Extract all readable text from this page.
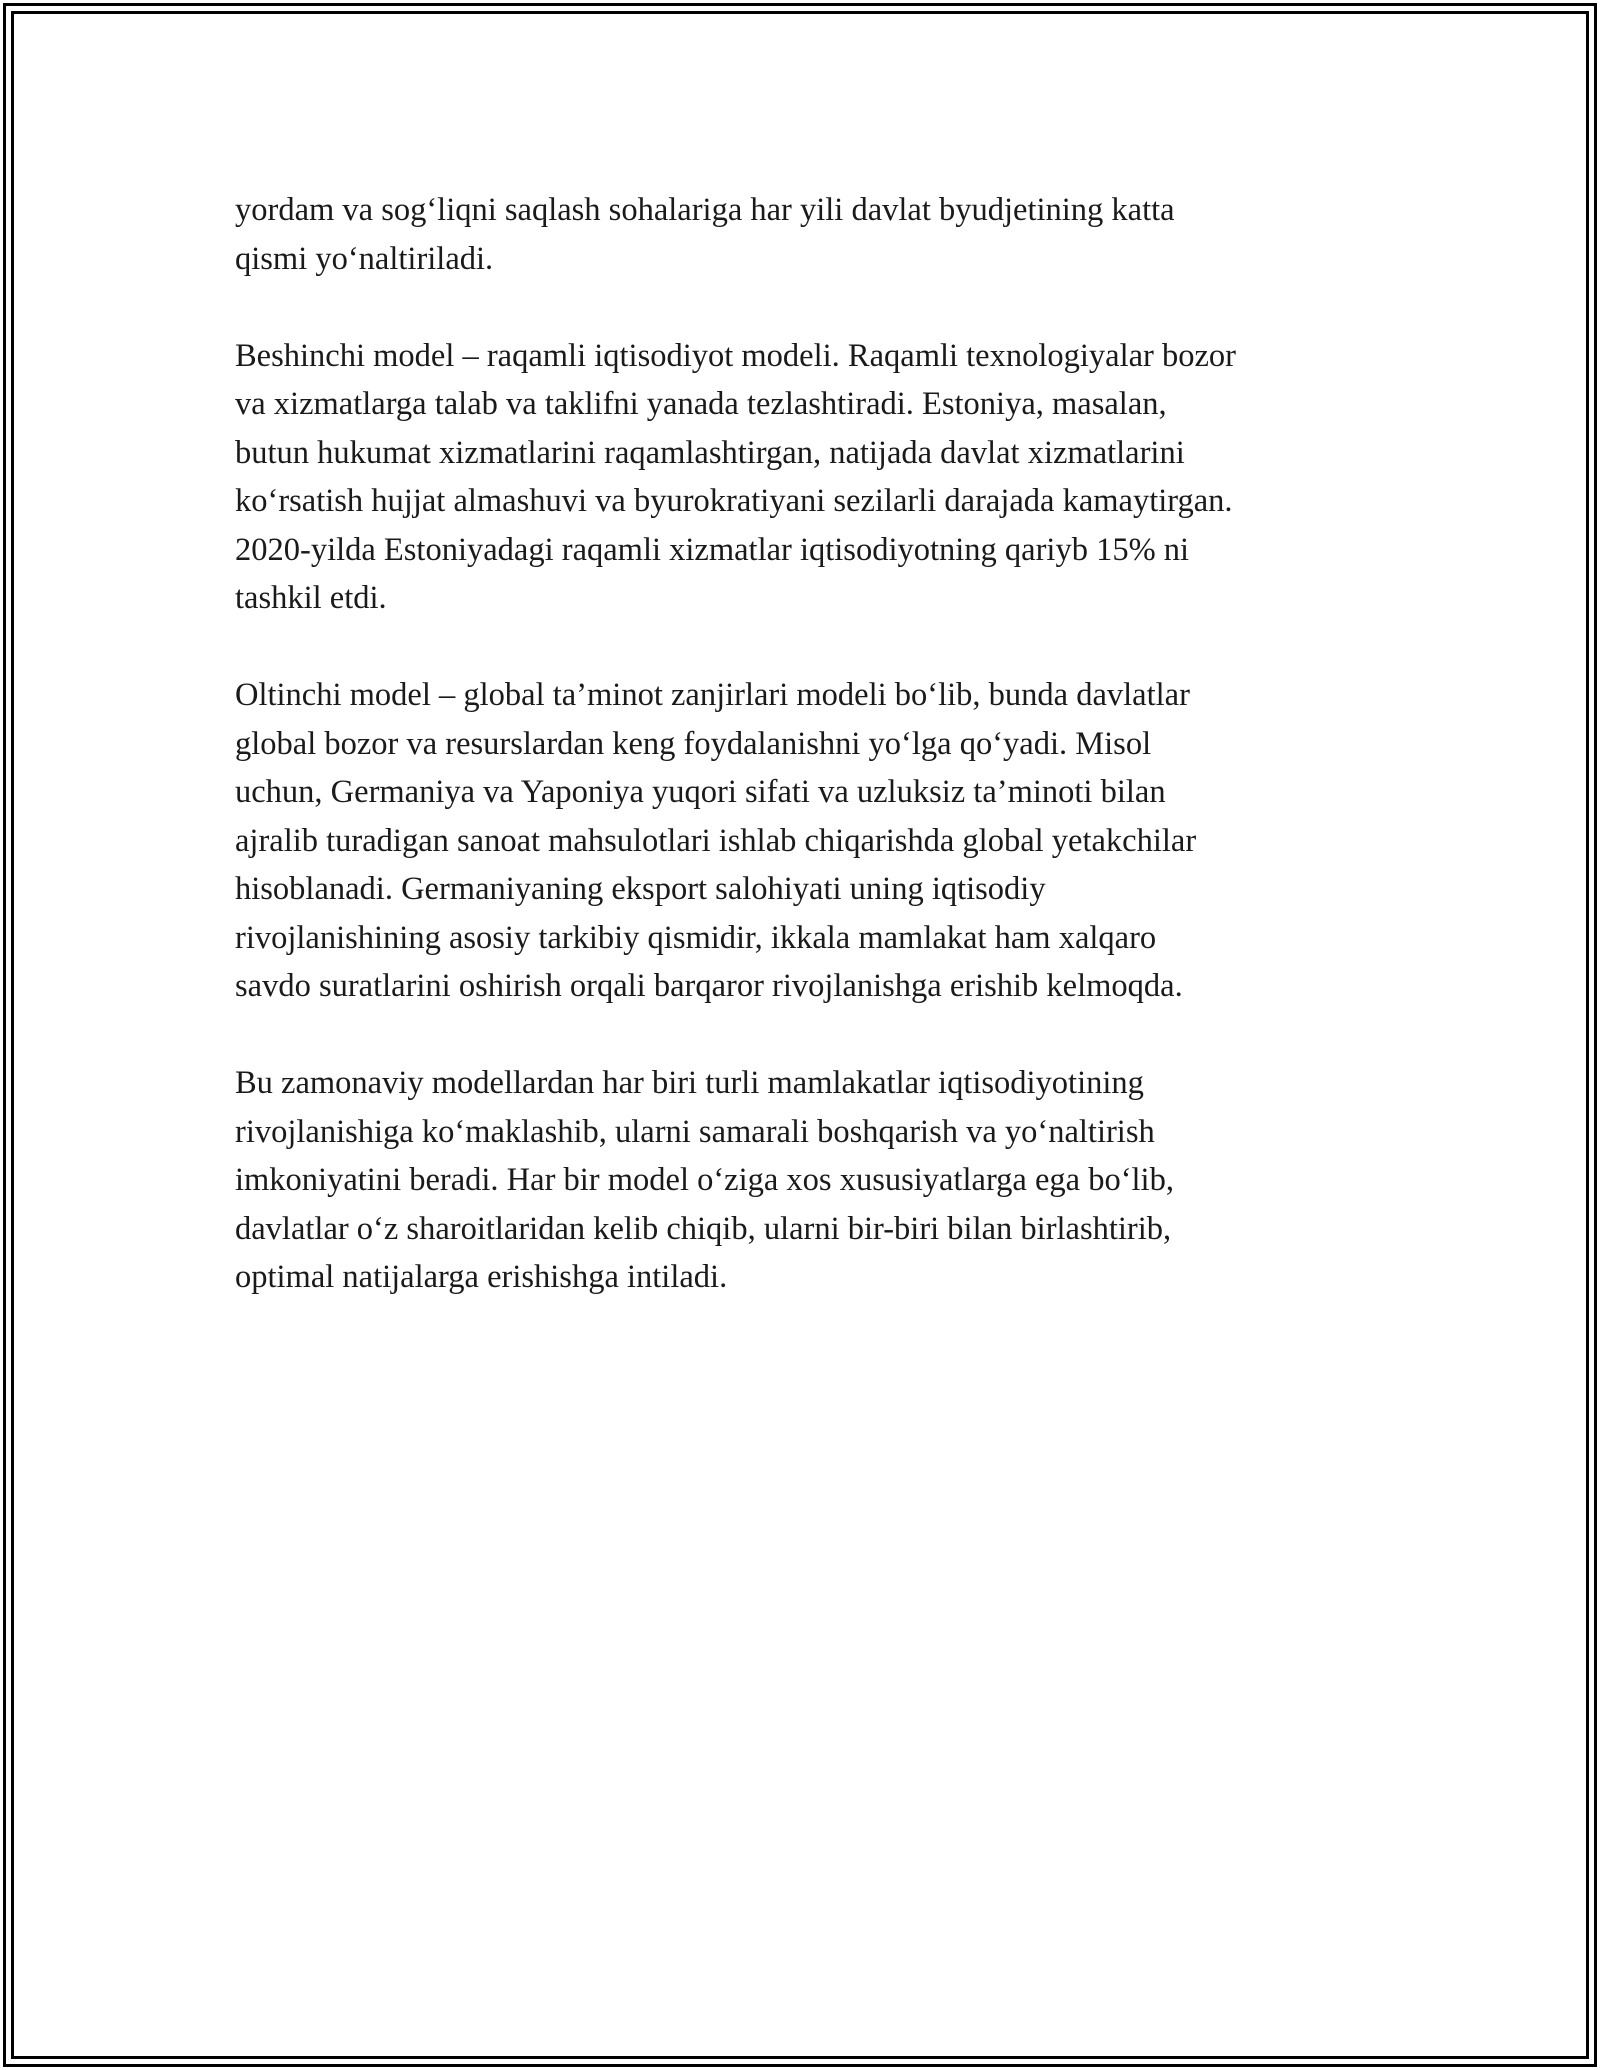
yordam va sog‘liqni saqlash sohalariga har yili davlat byudjetining katta
qismi yo‘naltiriladi.

Beshinchi model – raqamli iqtisodiyot modeli. Raqamli texnologiyalar bozor
va xizmatlarga talab va taklifni yanada tezlashtiradi. Estoniya, masalan,
butun hukumat xizmatlarini raqamlashtirgan, natijada davlat xizmatlarini
ko‘rsatish hujjat almashuvi va byurokratiyani sezilarli darajada kamaytirgan.
2020-yilda Estoniyadagi raqamli xizmatlar iqtisodiyotning qariyb 15% ni
tashkil etdi.

Oltinchi model – global ta’minot zanjirlari modeli bo‘lib, bunda davlatlar
global bozor va resurslardan keng foydalanishni yo‘lga qo‘yadi. Misol
uchun, Germaniya va Yaponiya yuqori sifati va uzluksiz ta’minoti bilan
ajralib turadigan sanoat mahsulotlari ishlab chiqarishda global yetakchilar
hisoblanadi. Germaniyaning eksport salohiyati uning iqtisodiy
rivojlanishining asosiy tarkibiy qismidir, ikkala mamlakat ham xalqaro
savdo suratlarini oshirish orqali barqaror rivojlanishga erishib kelmoqda.

Bu zamonaviy modellardan har biri turli mamlakatlar iqtisodiyotining
rivojlanishiga ko‘maklashib, ularni samarali boshqarish va yo‘naltirish
imkoniyatini beradi. Har bir model o‘ziga xos xususiyatlarga ega bo‘lib,
davlatlar o‘z sharoitlaridan kelib chiqib, ularni bir-biri bilan birlashtirib,
optimal natijalarga erishishga intiladi.
